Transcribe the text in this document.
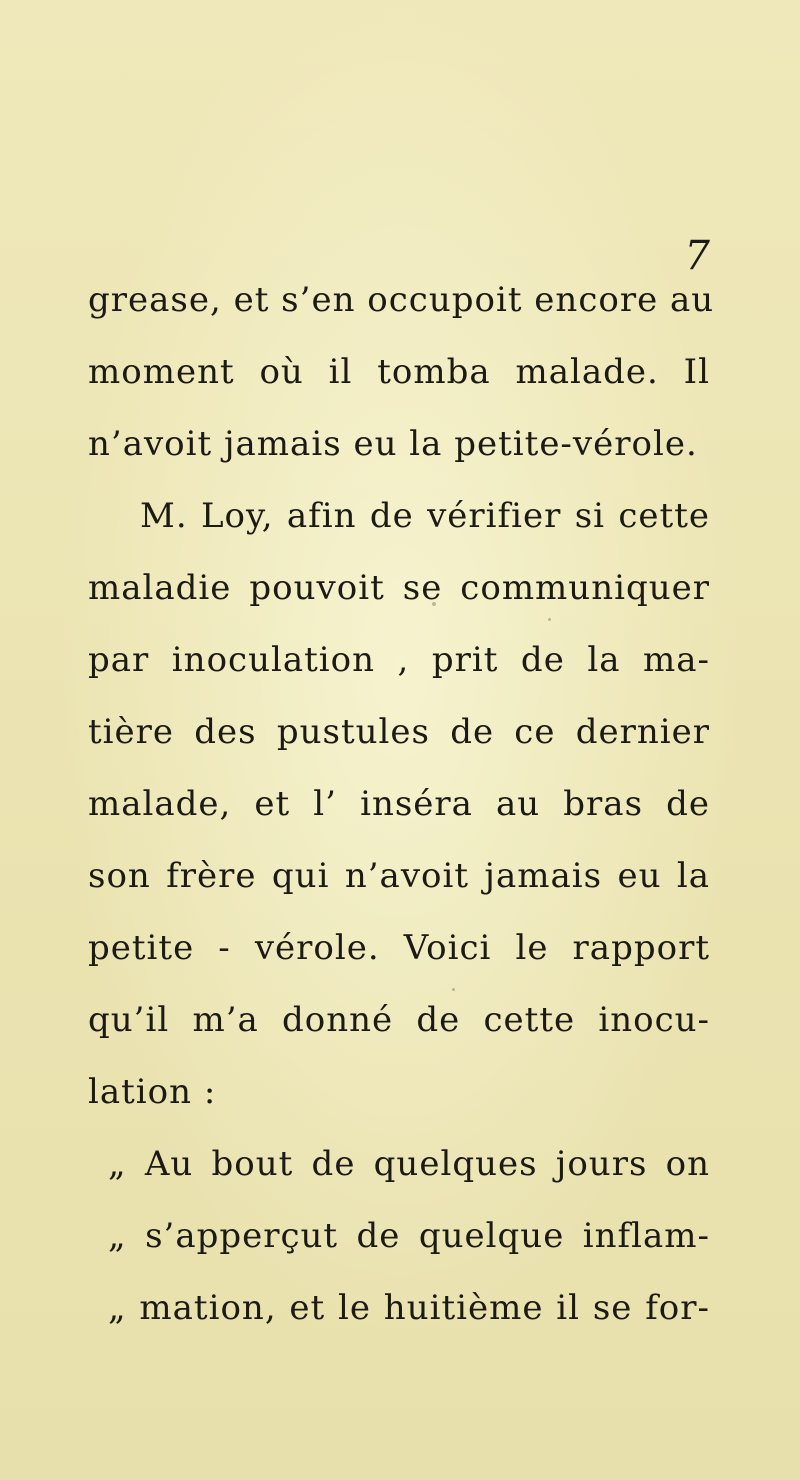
7
grease, et s’en occupoit encore au
moment où il tomba malade. Il
n’avoit jamais eu la petite-vérole.
M. Loy, afin de vérifier si cette
maladie pouvoit se communiquer
par inoculation , prit de la ma-
tière des pustules de ce dernier
malade, et l’ inséra au bras de
son frère qui n’avoit jamais eu la
petite - vérole. Voici le rapport
qu’il m’a donné de cette inocu-
lation :
„ Au bout de quelques jours on
„ s’apperçut de quelque inflam-
„ mation, et le huitième il se for-
